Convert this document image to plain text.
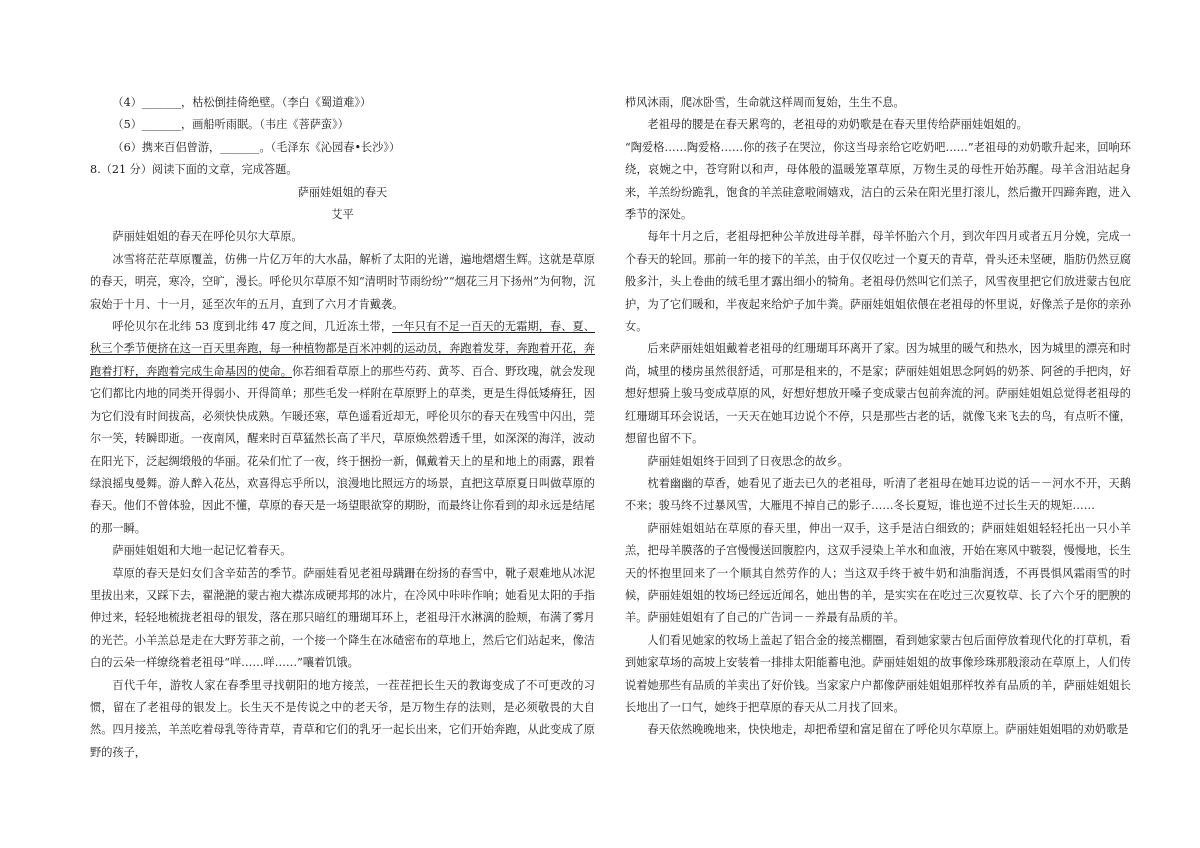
（4）_______，枯松倒挂倚绝壁。（李白《蜀道难》）

（5）_______，画船听雨眠。（韦庄《菩萨蛮》）

（6）携来百侣曾游，_______。（毛泽东《沁园春•长沙》）

8.（21 分）阅读下面的文章，完成答题。

萨丽娃姐姐的春天

艾平

萨丽娃姐姐的春天在呼伦贝尔大草原。

冰雪将茫茫草原覆盖，仿佛一片亿万年的大水晶，解析了太阳的光谱，遍地熠熠生辉。这就是草原的春天，明亮，寒冷，空旷，漫长。呼伦贝尔草原不知“清明时节雨纷纷”“烟花三月下扬州”为何物，沉寂始于十月、十一月，延至次年的五月，直到了六月才肯戴袭。

呼伦贝尔在北纬 53 度到北纬 47 度之间，几近冻土带，一年只有不足一百天的无霜期，春、夏、秋三个季节便挤在这一百天里奔跑，每一种植物都是百米冲刺的运动员，奔跑着发芽，奔跑着开花，奔跑着打籽，奔跑着完成生命基因的使命。你若细看草原上的那些芍药、黄芩、百合、野玫瑰，就会发现它们都比内地的同类开得弱小、开得简单；那些毛发一样附在草原野上的草类，更是生得低矮瘠狂，因为它们没有时间拔高，必须快快成熟。乍暖还寒，草色遥看近却无，呼伦贝尔的春天在残雪中闪出，莞尔一笑，转瞬即逝。一夜南风，醒来时百草猛然长高了半尺，草原焕然碧透千里，如深深的海洋，波动在阳光下，泛起绸缎般的华丽。花朵们忙了一夜，终于捆扮一新，佩戴着天上的星和地上的雨露，跟着绿浪摇曳曼舞。游人醉入花丛，欢喜得忘乎所以，浪漫地比照远方的场景，直把这草原夏日叫做草原的春天。他们不曾体验，因此不懂，草原的春天是一场望眼欲穿的期盼，而最终让你看到的却永远是结尾的那一瞬。

萨丽娃姐姐和大地一起记忆着春天。

草原的春天是妇女们含辛茹苦的季节。萨丽娃看见老祖母蹒跚在纷扬的春雪中，靴子艰难地从冰泥里拔出来，又踩下去，翟滟滟的蒙古袍大襟冻成硬邦邦的冰片，在冷风中咔咔作响；她看见太阳的手指伸过来，轻轻地梳拢老祖母的银发，落在那只暗红的珊瑚耳环上，老祖母汗水淋漓的脸颊，布满了雾月的光芒。小羊羔总是走在大野芳菲之前，一个接一个降生在冰碴密布的草地上，然后它们站起来，像洁白的云朵一样缭绕着老祖母“咩……咩……”嚷着饥饿。

百代千年，游牧人家在春季里寻找朝阳的地方接羔，一茬茬把长生天的教诲变成了不可更改的习惯，留在了老祖母的银发上。长生天不是传说之中的老天爷，是万物生存的法则，是必须敬畏的大自然。四月接羔，羊羔吃着母乳等待青草，青草和它们的乳牙一起长出来，它们开始奔跑，从此变成了原野的孩子，

栉风沐雨，爬冰卧雪，生命就这样周而复始，生生不息。

老祖母的腰是在春天累弯的，老祖母的劝奶歌是在春天里传给萨丽娃姐姐的。

“陶爱格……陶爱格……你的孩子在哭泣，你这当母亲给它吃奶吧……”老祖母的劝奶歌升起来，回响环绕，哀婉之中，苍穹附以和声，母体般的温暖笼罩草原，万物生灵的母性开始苏醒。母羊含泪站起身来，羊羔纷纷跪乳，饱食的羊羔硅意啦闹嬉戏，洁白的云朵在阳光里打滚儿，然后撒开四蹄奔跑，进入季节的深处。

每年十月之后，老祖母把种公羊放进母羊群，母羊怀胎六个月，到次年四月或者五月分娩，完成一个春天的轮回。那前一年的接下的羊羔，由于仅仅吃过一个夏天的青草，骨头还未坚硬，脂肪仍然豆腐般多汁，头上卷曲的绒毛里才露出细小的犄角。老祖母仍然叫它们羔子，风雪夜里把它们放进蒙古包庇护，为了它们暖和，半夜起来给炉子加牛粪。萨丽娃姐姐依偎在老祖母的怀里说，好像羔子是你的亲孙女。

后来萨丽娃姐姐戴着老祖母的红珊瑚耳环离开了家。因为城里的暖气和热水，因为城里的漂亮和时尚，城里的楼房虽然很舒适，可那是租来的，不是家；萨丽娃姐姐思念阿妈的奶茶、阿爸的手把肉，好想好想骑上骏马变成草原的风，好想好想放开嗓子变成蒙古包前奔流的河。萨丽娃姐姐总觉得老祖母的红珊瑚耳环会说话，一天天在她耳边说个不停，只是那些古老的话，就像飞来飞去的鸟，有点听不懂，想留也留不下。

萨丽娃姐姐终于回到了日夜思念的故乡。

枕着幽幽的草香，她看见了逝去已久的老祖母，听清了老祖母在她耳边说的话－－河水不开，天鹅不来；骏马终不过暴风雪，大雁甩不掉自己的影子……冬长夏短，谁也逆不过长生天的规矩……

萨丽娃姐姐站在草原的春天里，伸出一双手，这手是洁白细致的；萨丽娃姐姐轻轻托出一只小羊羔，把母羊膜落的子宫慢慢送回腹腔内，这双手浸染上羊水和血液，开始在寒风中皲裂，慢慢地，长生天的怀抱里回来了一个顺其自然劳作的人；当这双手终于被牛奶和油脂润透，不再畏惧风霜雨雪的时候，萨丽娃姐姐的牧场已经远近闻名，她出售的羊，是实实在在吃过三次夏牧草、长了六个牙的肥腴的羊。萨丽娃姐姐有了自己的广告词－－养最有品质的羊。

人们看见她家的牧场上盖起了铝合金的接羔棚圈，看到她家蒙古包后面停放着现代化的打草机，看到她家草场的高坡上安装着一排排太阳能蓄电池。萨丽娃姐姐的故事像珍珠那般滚动在草原上，人们传说着她那些有品质的羊卖出了好价钱。当家家户户都像萨丽娃姐姐那样牧养有品质的羊，萨丽娃姐姐长长地出了一口气，她终于把草原的春天从二月找了回来。

春天依然晚晚地来，快快地走，却把希望和富足留在了呼伦贝尔草原上。萨丽娃姐姐唱的劝奶歌是
